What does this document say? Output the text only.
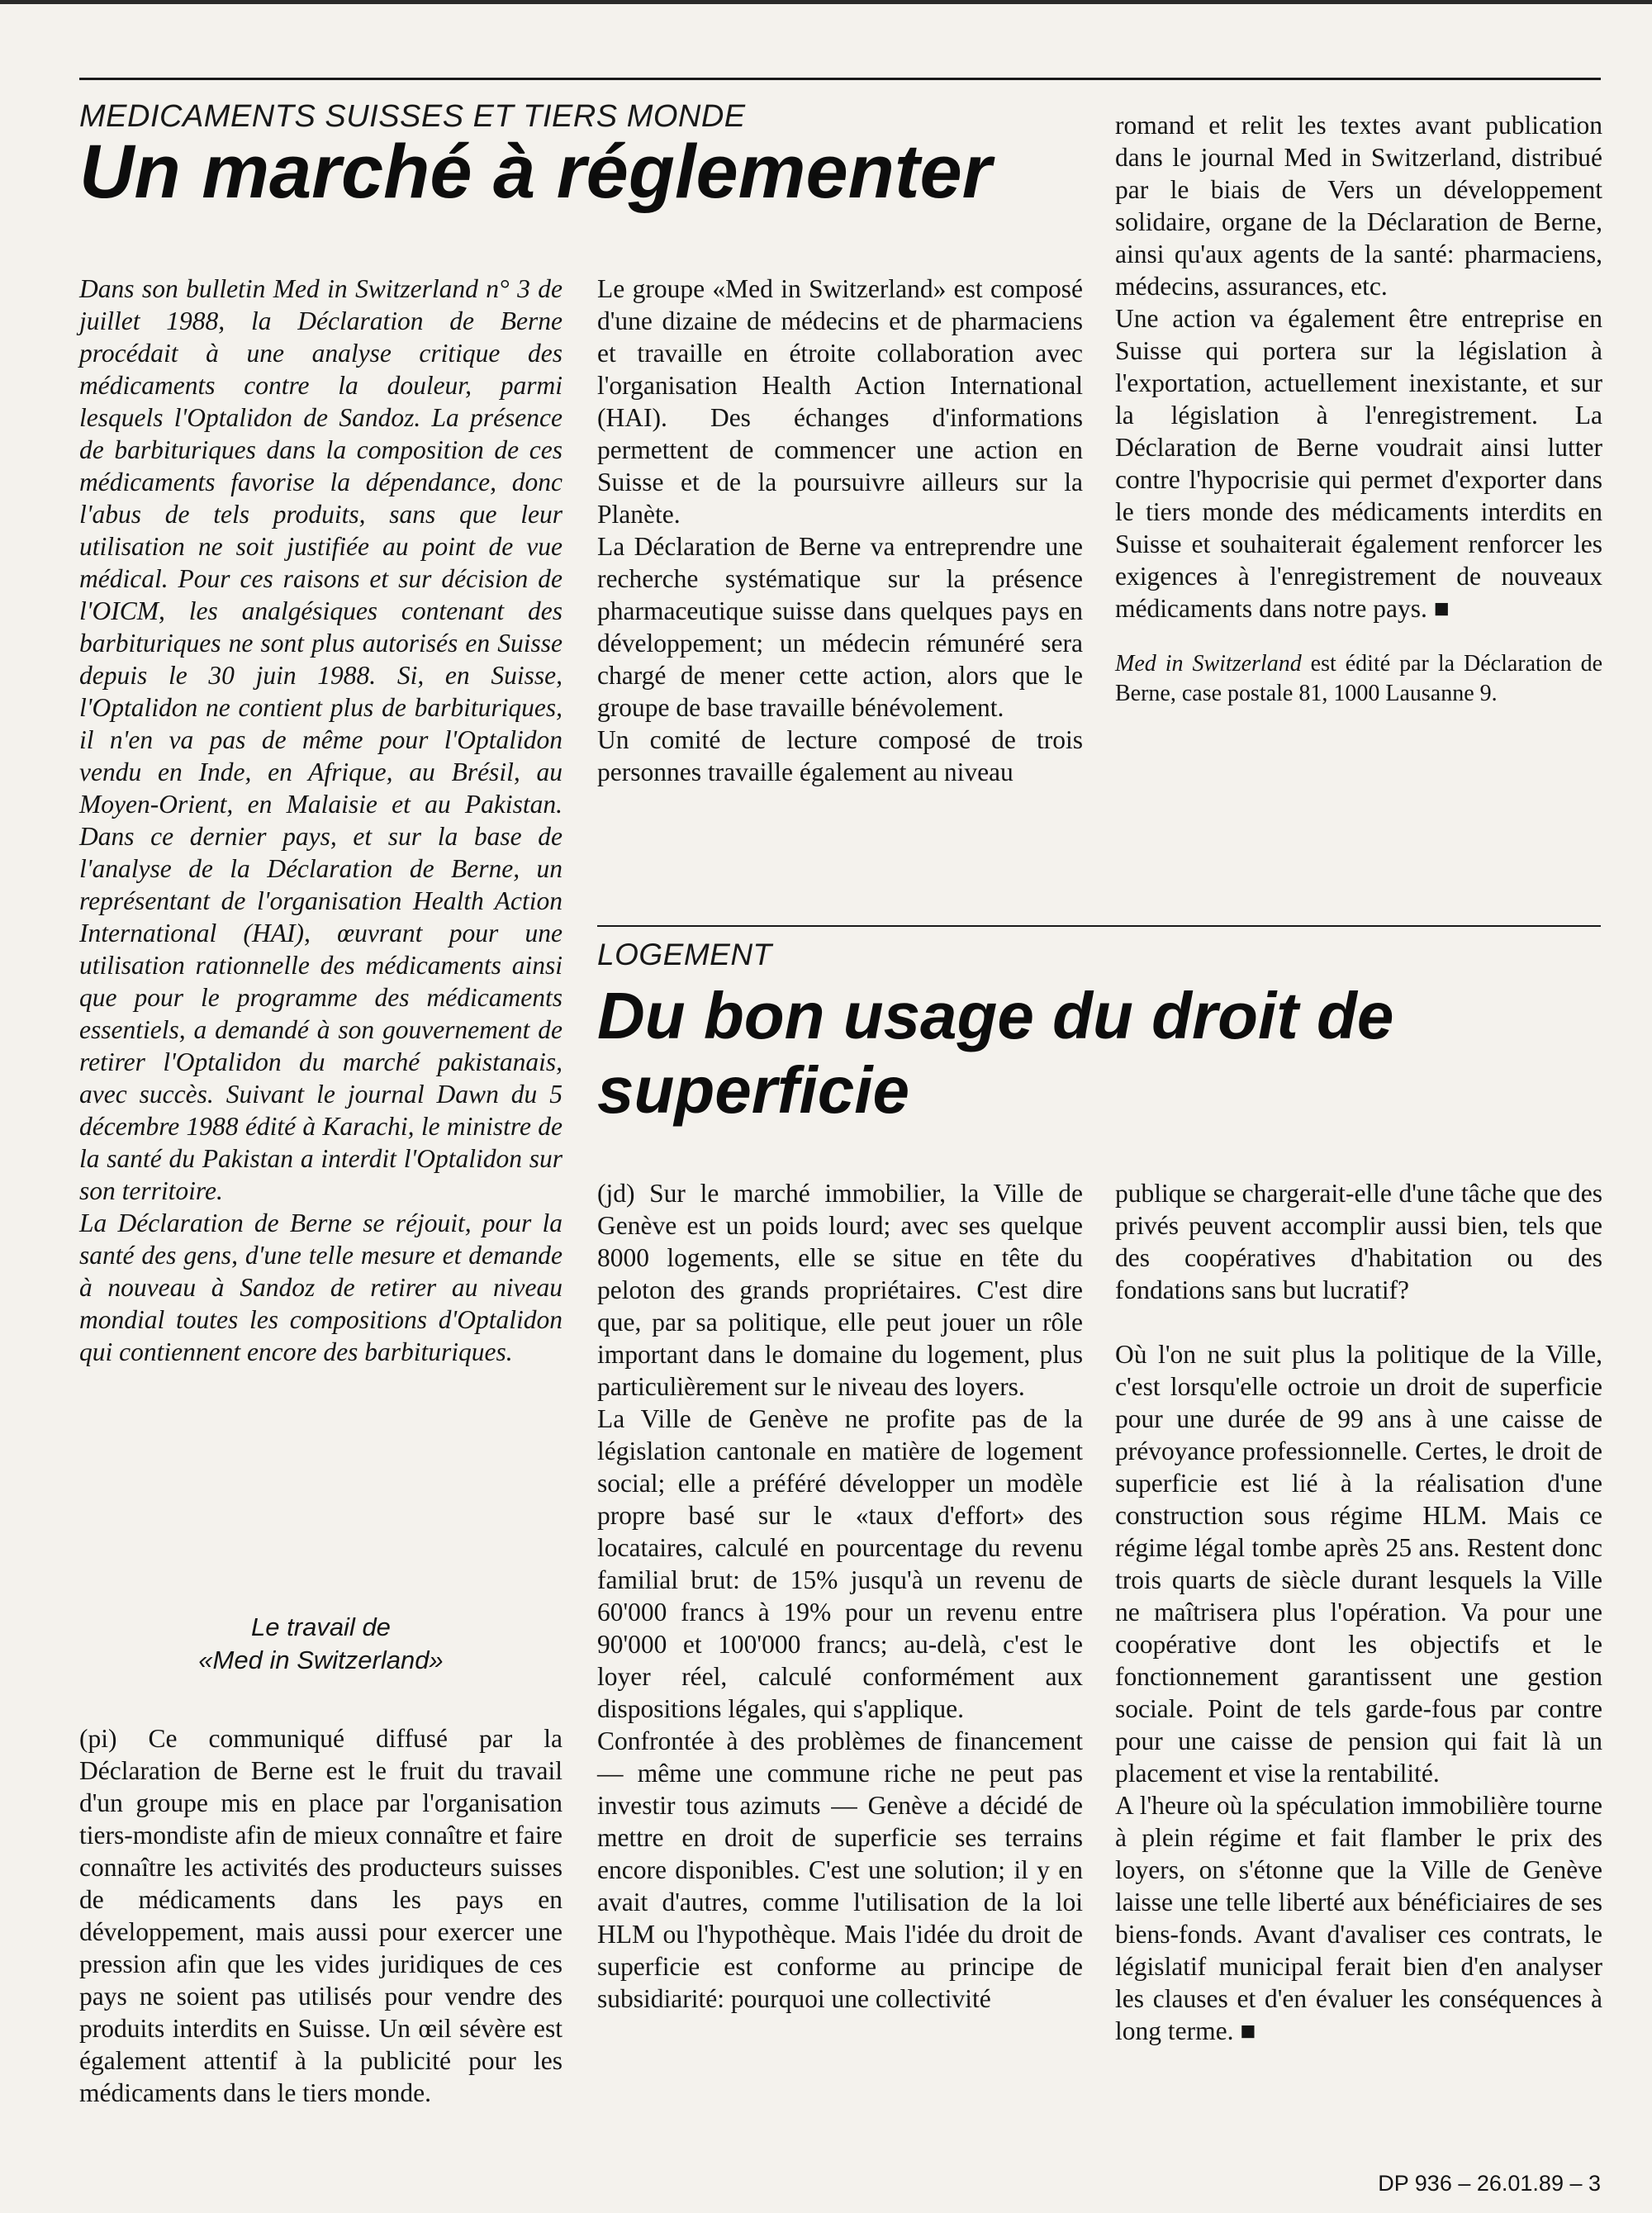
MEDICAMENTS SUISSES ET TIERS MONDE
Un marché à réglementer

Dans son bulletin Med in Switzerland n° 3 de juillet 1988, la Déclaration de Berne procédait à une analyse critique des médicaments contre la douleur, parmi lesquels l'Optalidon de Sandoz. La présence de barbituriques dans la composition de ces médicaments favorise la dépendance, donc l'abus de tels produits, sans que leur utilisation ne soit justifiée au point de vue médical. Pour ces raisons et sur décision de l'OICM, les analgésiques contenant des barbituriques ne sont plus autorisés en Suisse depuis le 30 juin 1988. Si, en Suisse, l'Optalidon ne contient plus de barbituriques, il n'en va pas de même pour l'Optalidon vendu en Inde, en Afrique, au Brésil, au Moyen-Orient, en Malaisie et au Pakistan. Dans ce dernier pays, et sur la base de l'analyse de la Déclaration de Berne, un représentant de l'organisation Health Action International (HAI), œuvrant pour une utilisation rationnelle des médicaments ainsi que pour le programme des médicaments essentiels, a demandé à son gouvernement de retirer l'Optalidon du marché pakistanais, avec succès. Suivant le journal Dawn du 5 décembre 1988 édité à Karachi, le ministre de la santé du Pakistan a interdit l'Optalidon sur son territoire.

La Déclaration de Berne se réjouit, pour la santé des gens, d'une telle mesure et demande à nouveau à Sandoz de retirer au niveau mondial toutes les compositions d'Optalidon qui contiennent encore des barbituriques.

Le travail de
«Med in Switzerland»

(pi) Ce communiqué diffusé par la Déclaration de Berne est le fruit du travail d'un groupe mis en place par l'organisation tiers-mondiste afin de mieux connaître et faire connaître les activités des producteurs suisses de médicaments dans les pays en développement, mais aussi pour exercer une pression afin que les vides juridiques de ces pays ne soient pas utilisés pour vendre des produits interdits en Suisse. Un œil sévère est également attentif à la publicité pour les médicaments dans le tiers monde.

Le groupe «Med in Switzerland» est composé d'une dizaine de médecins et de pharmaciens et travaille en étroite collaboration avec l'organisation Health Action International (HAI). Des échanges d'informations permettent de commencer une action en Suisse et de la poursuivre ailleurs sur la Planète.

La Déclaration de Berne va entreprendre une recherche systématique sur la présence pharmaceutique suisse dans quelques pays en développement; un médecin rémunéré sera chargé de mener cette action, alors que le groupe de base travaille bénévolement.

Un comité de lecture composé de trois personnes travaille également au niveau

romand et relit les textes avant publication dans le journal Med in Switzerland, distribué par le biais de Vers un développement solidaire, organe de la Déclaration de Berne, ainsi qu'aux agents de la santé: pharmaciens, médecins, assurances, etc.

Une action va également être entreprise en Suisse qui portera sur la législation à l'exportation, actuellement inexistante, et sur la législation à l'enregistrement. La Déclaration de Berne voudrait ainsi lutter contre l'hypocrisie qui permet d'exporter dans le tiers monde des médicaments interdits en Suisse et souhaiterait également renforcer les exigences à l'enregistrement de nouveaux médicaments dans notre pays. ■

Med in Switzerland est édité par la Déclaration de Berne, case postale 81, 1000 Lausanne 9.

LOGEMENT
Du bon usage du droit de superficie

(jd) Sur le marché immobilier, la Ville de Genève est un poids lourd; avec ses quelque 8000 logements, elle se situe en tête du peloton des grands propriétaires. C'est dire que, par sa politique, elle peut jouer un rôle important dans le domaine du logement, plus particulièrement sur le niveau des loyers.

La Ville de Genève ne profite pas de la législation cantonale en matière de logement social; elle a préféré développer un modèle propre basé sur le «taux d'effort» des locataires, calculé en pourcentage du revenu familial brut: de 15% jusqu'à un revenu de 60'000 francs à 19% pour un revenu entre 90'000 et 100'000 francs; au-delà, c'est le loyer réel, calculé conformément aux dispositions légales, qui s'applique.

Confrontée à des problèmes de financement — même une commune riche ne peut pas investir tous azimuts — Genève a décidé de mettre en droit de superficie ses terrains encore disponibles. C'est une solution; il y en avait d'autres, comme l'utilisation de la loi HLM ou l'hypothèque. Mais l'idée du droit de superficie est conforme au principe de subsidiarité: pourquoi une collectivité

publique se chargerait-elle d'une tâche que des privés peuvent accomplir aussi bien, tels que des coopératives d'habitation ou des fondations sans but lucratif?

Où l'on ne suit plus la politique de la Ville, c'est lorsqu'elle octroie un droit de superficie pour une durée de 99 ans à une caisse de prévoyance professionnelle. Certes, le droit de superficie est lié à la réalisation d'une construction sous régime HLM. Mais ce régime légal tombe après 25 ans. Restent donc trois quarts de siècle durant lesquels la Ville ne maîtrisera plus l'opération. Va pour une coopérative dont les objectifs et le fonctionnement garantissent une gestion sociale. Point de tels garde-fous par contre pour une caisse de pension qui fait là un placement et vise la rentabilité.

A l'heure où la spéculation immobilière tourne à plein régime et fait flamber le prix des loyers, on s'étonne que la Ville de Genève laisse une telle liberté aux bénéficiaires de ses biens-fonds. Avant d'avaliser ces contrats, le législatif municipal ferait bien d'en analyser les clauses et d'en évaluer les conséquences à long terme. ■

DP 936 – 26.01.89 – 3
